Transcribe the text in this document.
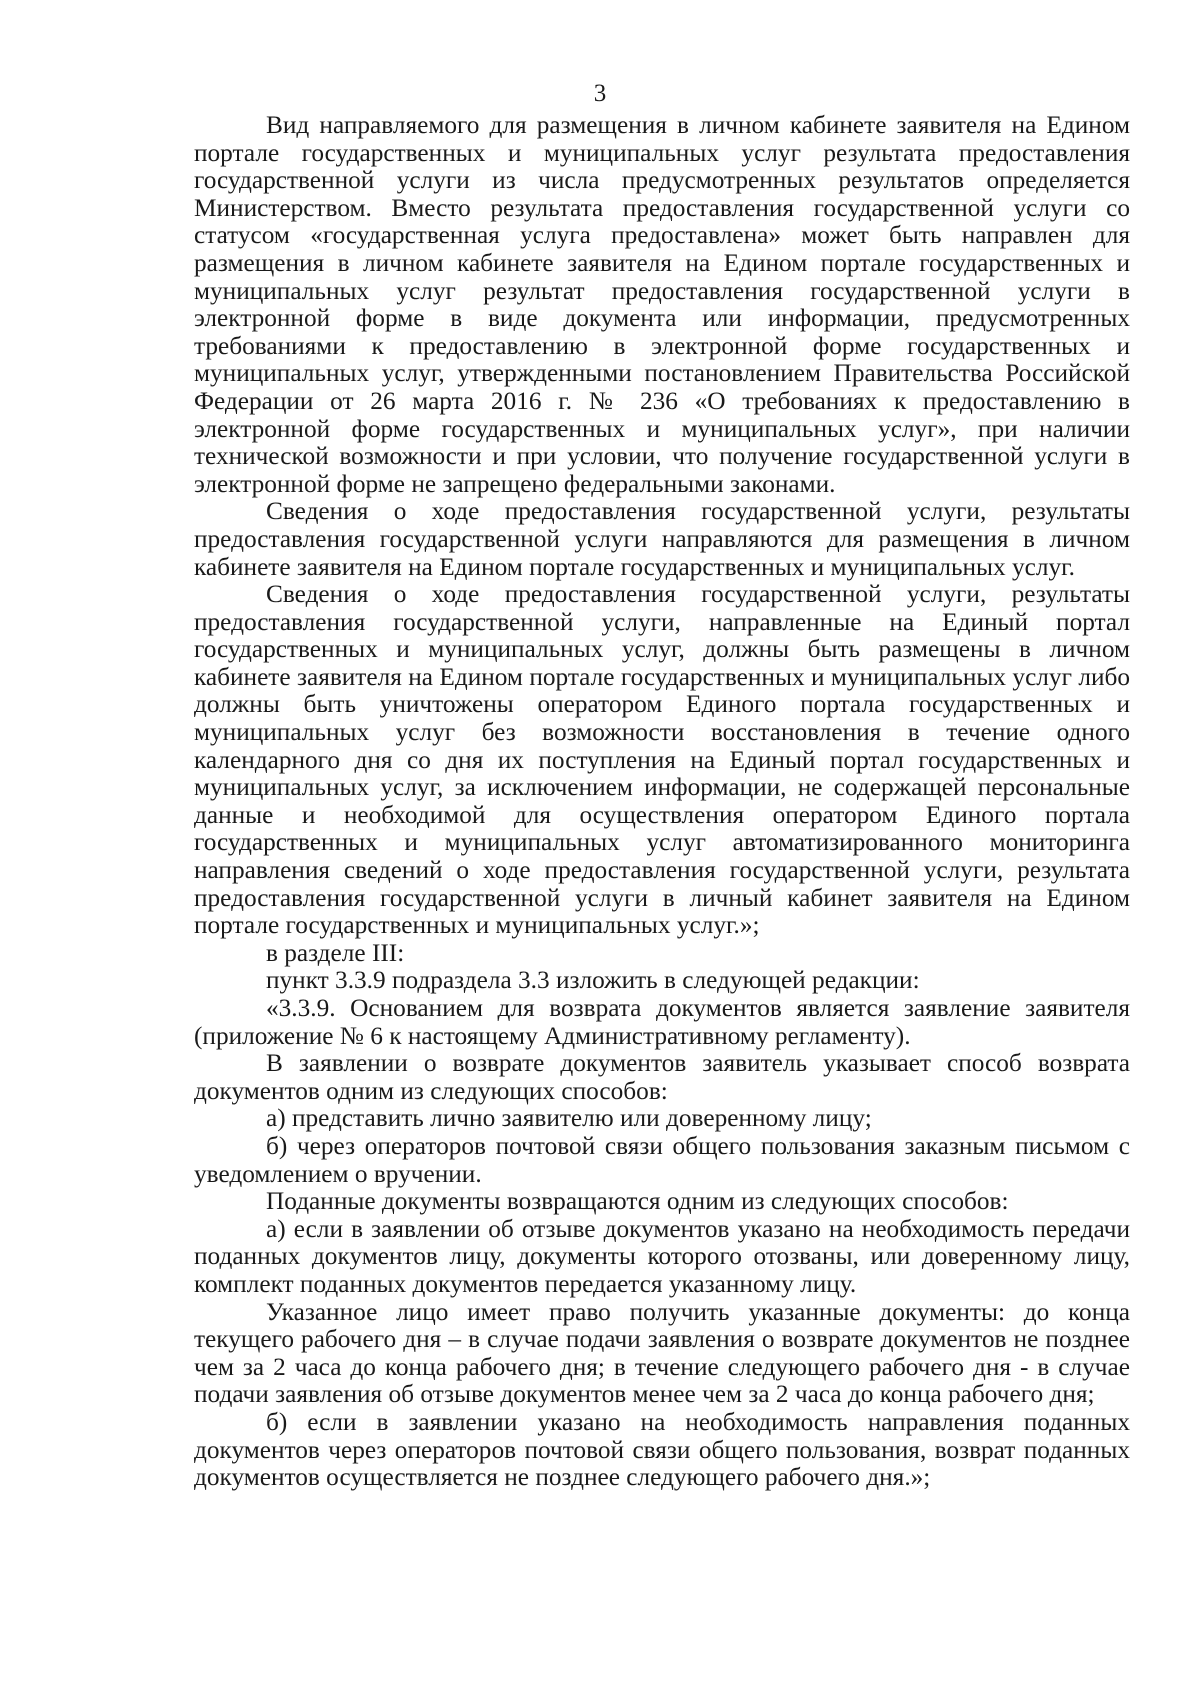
3

Вид направляемого для размещения в личном кабинете заявителя на Едином портале государственных и муниципальных услуг результата предоставления государственной услуги из числа предусмотренных результатов определяется Министерством. Вместо результата предоставления государственной услуги со статусом «государственная услуга предоставлена» может быть направлен для размещения в личном кабинете заявителя на Едином портале государственных и муниципальных услуг результат предоставления государственной услуги в электронной форме в виде документа или информации, предусмотренных требованиями к предоставлению в электронной форме государственных и муниципальных услуг, утвержденными постановлением Правительства Российской Федерации от 26 марта 2016 г. № 236 «О требованиях к предоставлению в электронной форме государственных и муниципальных услуг», при наличии технической возможности и при условии, что получение государственной услуги в электронной форме не запрещено федеральными законами.

Сведения о ходе предоставления государственной услуги, результаты предоставления государственной услуги направляются для размещения в личном кабинете заявителя на Едином портале государственных и муниципальных услуг.

Сведения о ходе предоставления государственной услуги, результаты предоставления государственной услуги, направленные на Единый портал государственных и муниципальных услуг, должны быть размещены в личном кабинете заявителя на Едином портале государственных и муниципальных услуг либо должны быть уничтожены оператором Единого портала государственных и муниципальных услуг без возможности восстановления в течение одного календарного дня со дня их поступления на Единый портал государственных и муниципальных услуг, за исключением информации, не содержащей персональные данные и необходимой для осуществления оператором Единого портала государственных и муниципальных услуг автоматизированного мониторинга направления сведений о ходе предоставления государственной услуги, результата предоставления государственной услуги в личный кабинет заявителя на Едином портале государственных и муниципальных услуг.»;

в разделе III:

пункт 3.3.9 подраздела 3.3 изложить в следующей редакции:

«3.3.9. Основанием для возврата документов является заявление заявителя (приложение № 6 к настоящему Административному регламенту).

В заявлении о возврате документов заявитель указывает способ возврата документов одним из следующих способов:

а) представить лично заявителю или доверенному лицу;

б) через операторов почтовой связи общего пользования заказным письмом с уведомлением о вручении.

Поданные документы возвращаются одним из следующих способов:

а) если в заявлении об отзыве документов указано на необходимость передачи поданных документов лицу, документы которого отозваны, или доверенному лицу, комплект поданных документов передается указанному лицу.

Указанное лицо имеет право получить указанные документы: до конца текущего рабочего дня – в случае подачи заявления о возврате документов не позднее чем за 2 часа до конца рабочего дня; в течение следующего рабочего дня - в случае подачи заявления об отзыве документов менее чем за 2 часа до конца рабочего дня;

б) если в заявлении указано на необходимость направления поданных документов через операторов почтовой связи общего пользования, возврат поданных документов осуществляется не позднее следующего рабочего дня.»;
